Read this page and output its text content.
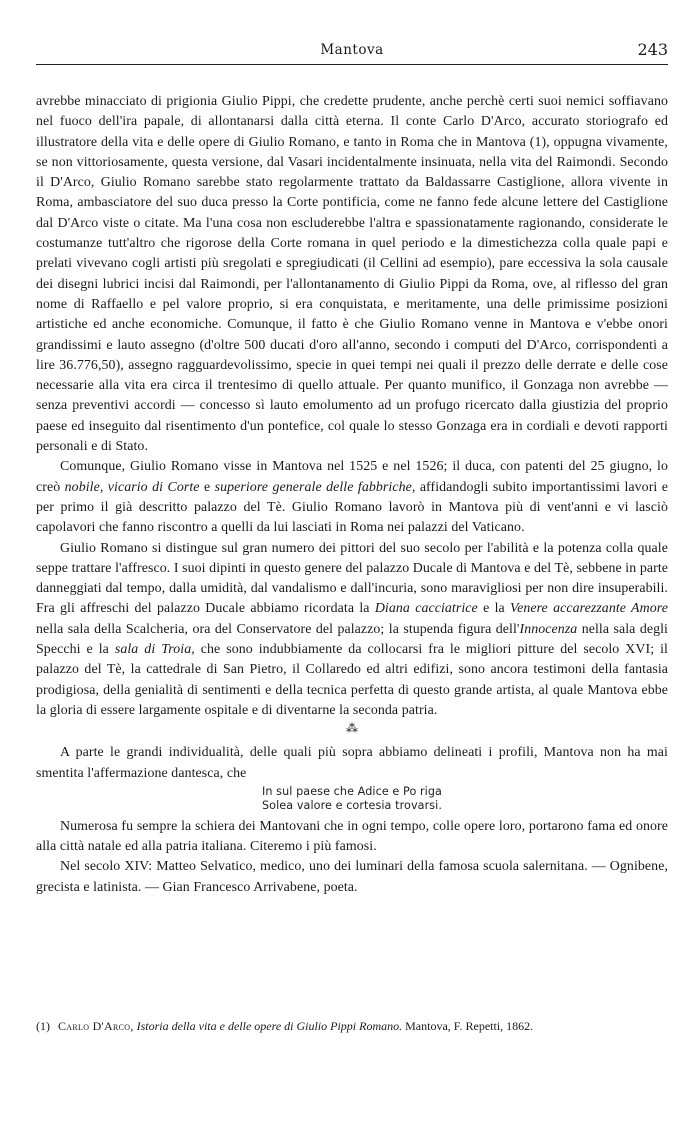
Mantova	243

avrebbe minacciato di prigionia Giulio Pippi, che credette prudente, anche perchè certi suoi nemici soffiavano nel fuoco dell'ira papale, di allontanarsi dalla città eterna. Il conte Carlo D'Arco, accurato storiografo ed illustratore della vita e delle opere di Giulio Romano, e tanto in Roma che in Mantova (1), oppugna vivamente, se non vittoriosamente, questa versione, dal Vasari incidentalmente insinuata, nella vita del Raimondi. Secondo il D'Arco, Giulio Romano sarebbe stato regolarmente trattato da Baldassarre Castiglione, allora vivente in Roma, ambasciatore del suo duca presso la Corte pontificia, come ne fanno fede alcune lettere del Castiglione dal D'Arco viste o citate. Ma l'una cosa non escluderebbe l'altra e spassionatamente ragionando, considerate le costumanze tutt'altro che rigorose della Corte romana in quel periodo e la dimestichezza colla quale papi e prelati vivevano cogli artisti più sregolati e spregiudicati (il Cellini ad esempio), pare eccessiva la sola causale dei disegni lubrici incisi dal Raimondi, per l'allontanamento di Giulio Pippi da Roma, ove, al riflesso del gran nome di Raffaello e pel valore proprio, si era conquistata, e meritamente, una delle primissime posizioni artistiche ed anche economiche. Comunque, il fatto è che Giulio Romano venne in Mantova e v'ebbe onori grandissimi e lauto assegno (d'oltre 500 ducati d'oro all'anno, secondo i computi del D'Arco, corrispondenti a lire 36.776,50), assegno ragguardevolissimo, specie in quei tempi nei quali il prezzo delle derrate e delle cose necessarie alla vita era circa il trentesimo di quello attuale. Per quanto munifico, il Gonzaga non avrebbe — senza preventivi accordi — concesso sì lauto emolumento ad un profugo ricercato dalla giustizia del proprio paese ed inseguito dal risentimento d'un pontefice, col quale lo stesso Gonzaga era in cordiali e devoti rapporti personali e di Stato.

Comunque, Giulio Romano visse in Mantova nel 1525 e nel 1526; il duca, con patenti del 25 giugno, lo creò nobile, vicario di Corte e superiore generale delle fabbriche, affidandogli subito importantissimi lavori e per primo il già descritto palazzo del Tè. Giulio Romano lavorò in Mantova più di vent'anni e vi lasciò capolavori che fanno riscontro a quelli da lui lasciati in Roma nei palazzi del Vaticano.

Giulio Romano si distingue sul gran numero dei pittori del suo secolo per l'abilità e la potenza colla quale seppe trattare l'affresco. I suoi dipinti in questo genere del palazzo Ducale di Mantova e del Tè, sebbene in parte danneggiati dal tempo, dalla umidità, dal vandalismo e dall'incuria, sono maravigliosi per non dire insuperabili. Fra gli affreschi del palazzo Ducale abbiamo ricordata la Diana cacciatrice e la Venere accarezzante Amore nella sala della Scalcheria, ora del Conservatore del palazzo; la stupenda figura dell'Innocenza nella sala degli Specchi e la sala di Troia, che sono indubbiamente da collocarsi fra le migliori pitture del secolo XVI; il palazzo del Tè, la cattedrale di San Pietro, il Collaredo ed altri edifizi, sono ancora testimoni della fantasia prodigiosa, della genialità di sentimenti e della tecnica perfetta di questo grande artista, al quale Mantova ebbe la gloria di essere largamente ospitale e di diventarne la seconda patria.

⁂

A parte le grandi individualità, delle quali più sopra abbiamo delineati i profili, Mantova non ha mai smentita l'affermazione dantesca, che

In sul paese che Adice e Po riga
Solea valore e cortesia trovarsi.

Numerosa fu sempre la schiera dei Mantovani che in ogni tempo, colle opere loro, portarono fama ed onore alla città natale ed alla patria italiana. Citeremo i più famosi.

Nel secolo XIV: Matteo Selvatico, medico, uno dei luminari della famosa scuola salernitana. — Ognibene, grecista e latinista. — Gian Francesco Arrivabene, poeta.

(1) Carlo D'Arco, Istoria della vita e delle opere di Giulio Pippi Romano. Mantova, F. Repetti, 1862.
